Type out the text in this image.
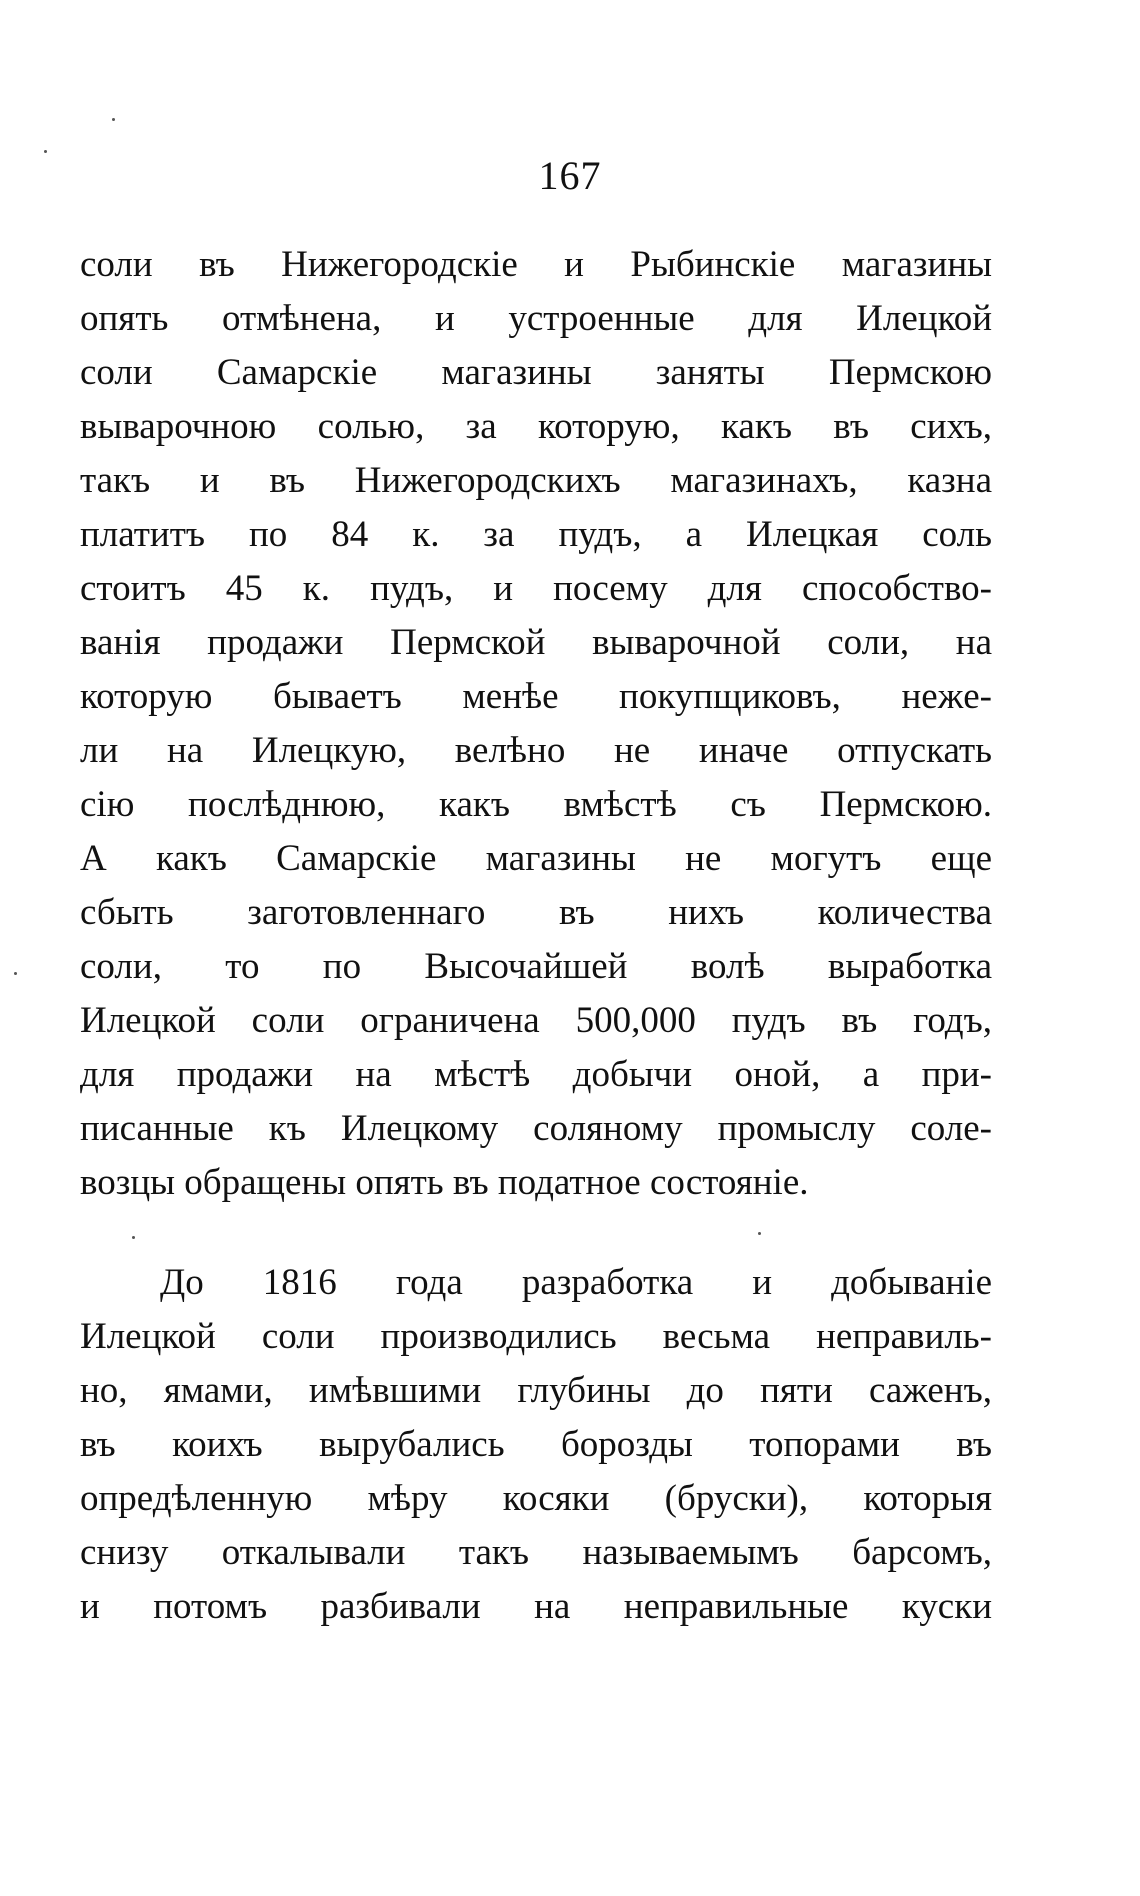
167
соли въ Нижегородскіе и Рыбинскіе магазины
опять отмѣнена, и устроенные для Илецкой
соли Самарскіе магазины заняты Пермскою
выварочною солью, за которую, какъ въ сихъ,
такъ и въ Нижегородскихъ магазинахъ, казна
платитъ по 84 к. за пудъ, а Илецкая соль
стоитъ 45 к. пудъ, и посему для способство-
ванія продажи Пермской выварочной соли, на
которую бываетъ менѣе покупщиковъ, нежe-
ли на Илецкую, велѣно не иначе отпускать
сію послѣднюю, какъ вмѣстѣ съ Пермскою.
А какъ Самарскіе магазины не могутъ еще
сбыть заготовленнаго въ нихъ количества
соли, то по Высочайшей волѣ выработка
Илецкой соли ограничена 500,000 пудъ въ годъ,
для продажи на мѣстѣ добычи оной, а при-
писанные къ Илецкому соляному промыслу соле-
возцы обращены опять въ податное состояніе.
До 1816 года разработка и добываніе
Илецкой соли производились весьма неправиль-
но, ямами, имѣвшими глубины до пяти саженъ,
въ коихъ вырубались борозды топорами въ
опредѣленную мѣру косяки (бруски), которыя
снизу откалывали такъ называемымъ барсомъ,
и потомъ разбивали на неправильные куски
